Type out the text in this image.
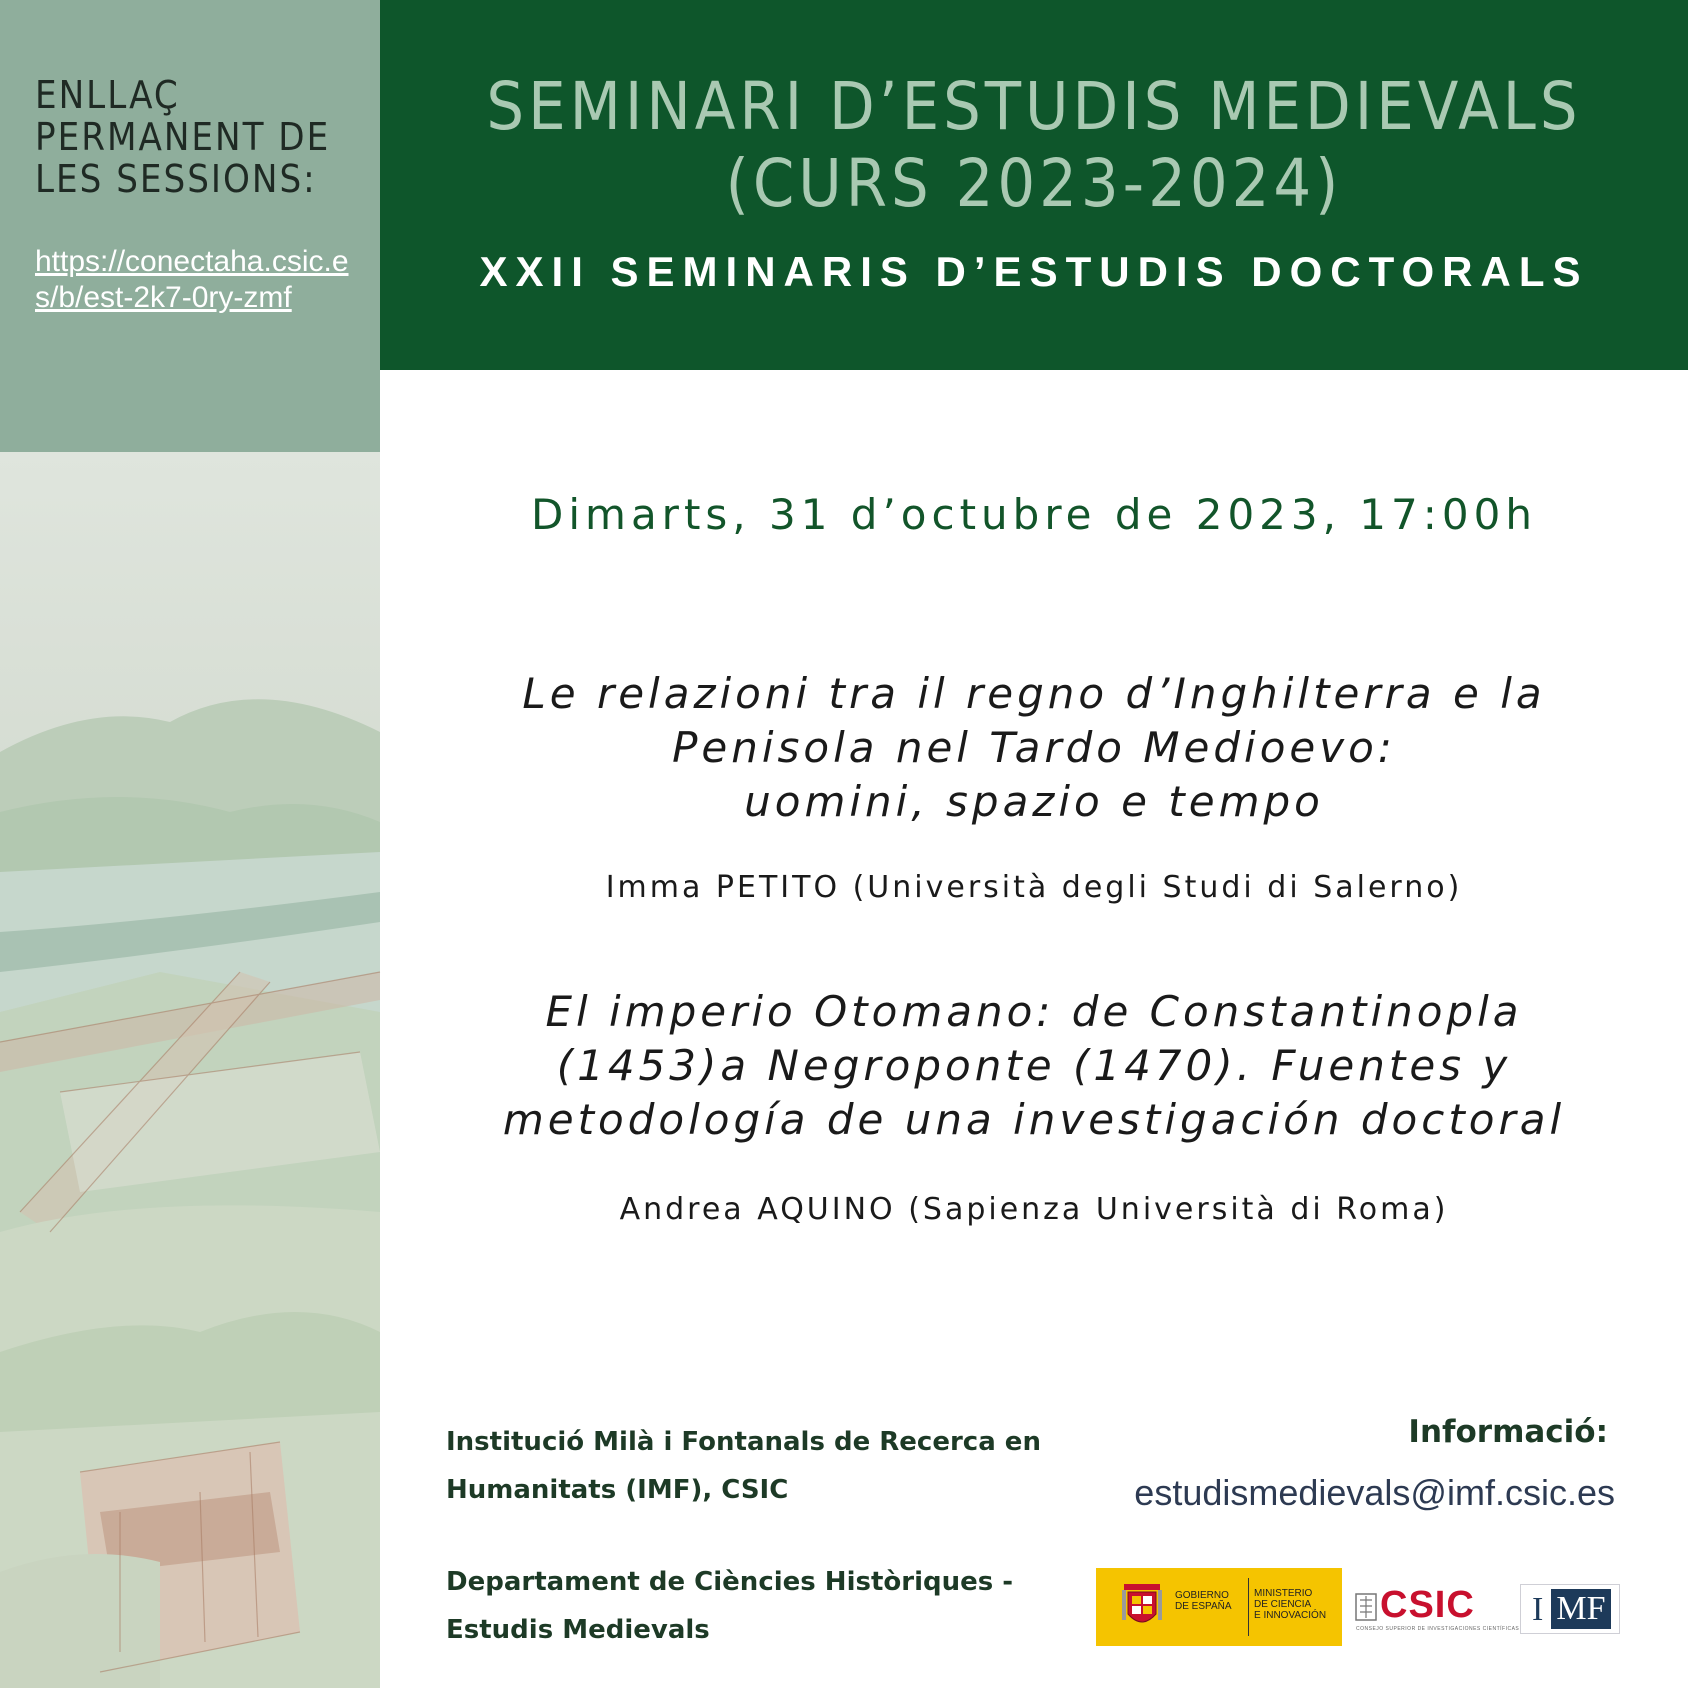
ENLLAÇ PERMANENT DE LES SESSIONS:
https://conectaha.csic.es/b/est-2k7-0ry-zmf
SEMINARI D’ESTUDIS MEDIEVALS
(CURS 2023-2024)
XXII SEMINARIS D’ESTUDIS DOCTORALS
Dimarts, 31 d’octubre de 2023, 17:00h
Le relazioni tra il regno d’Inghilterra e la
Penisola nel Tardo Medioevo:
uomini, spazio e tempo
Imma PETITO (Università degli Studi di Salerno)
El imperio Otomano: de Constantinopla
(1453)a Negroponte (1470). Fuentes y
metodología de una investigación doctoral
Andrea AQUINO (Sapienza Università di Roma)
Institució Milà i Fontanals de Recerca en
Humanitats (IMF), CSIC
Departament de Ciències Històriques -
Estudis Medievals
Informació:
estudismedievals@imf.csic.es
GOBIERNO
DE ESPAÑA
MINISTERIO
DE CIENCIA
E INNOVACIÓN	CSIC
CONSEJO SUPERIOR DE INVESTIGACIONES CIENTÍFICAS
I MF
